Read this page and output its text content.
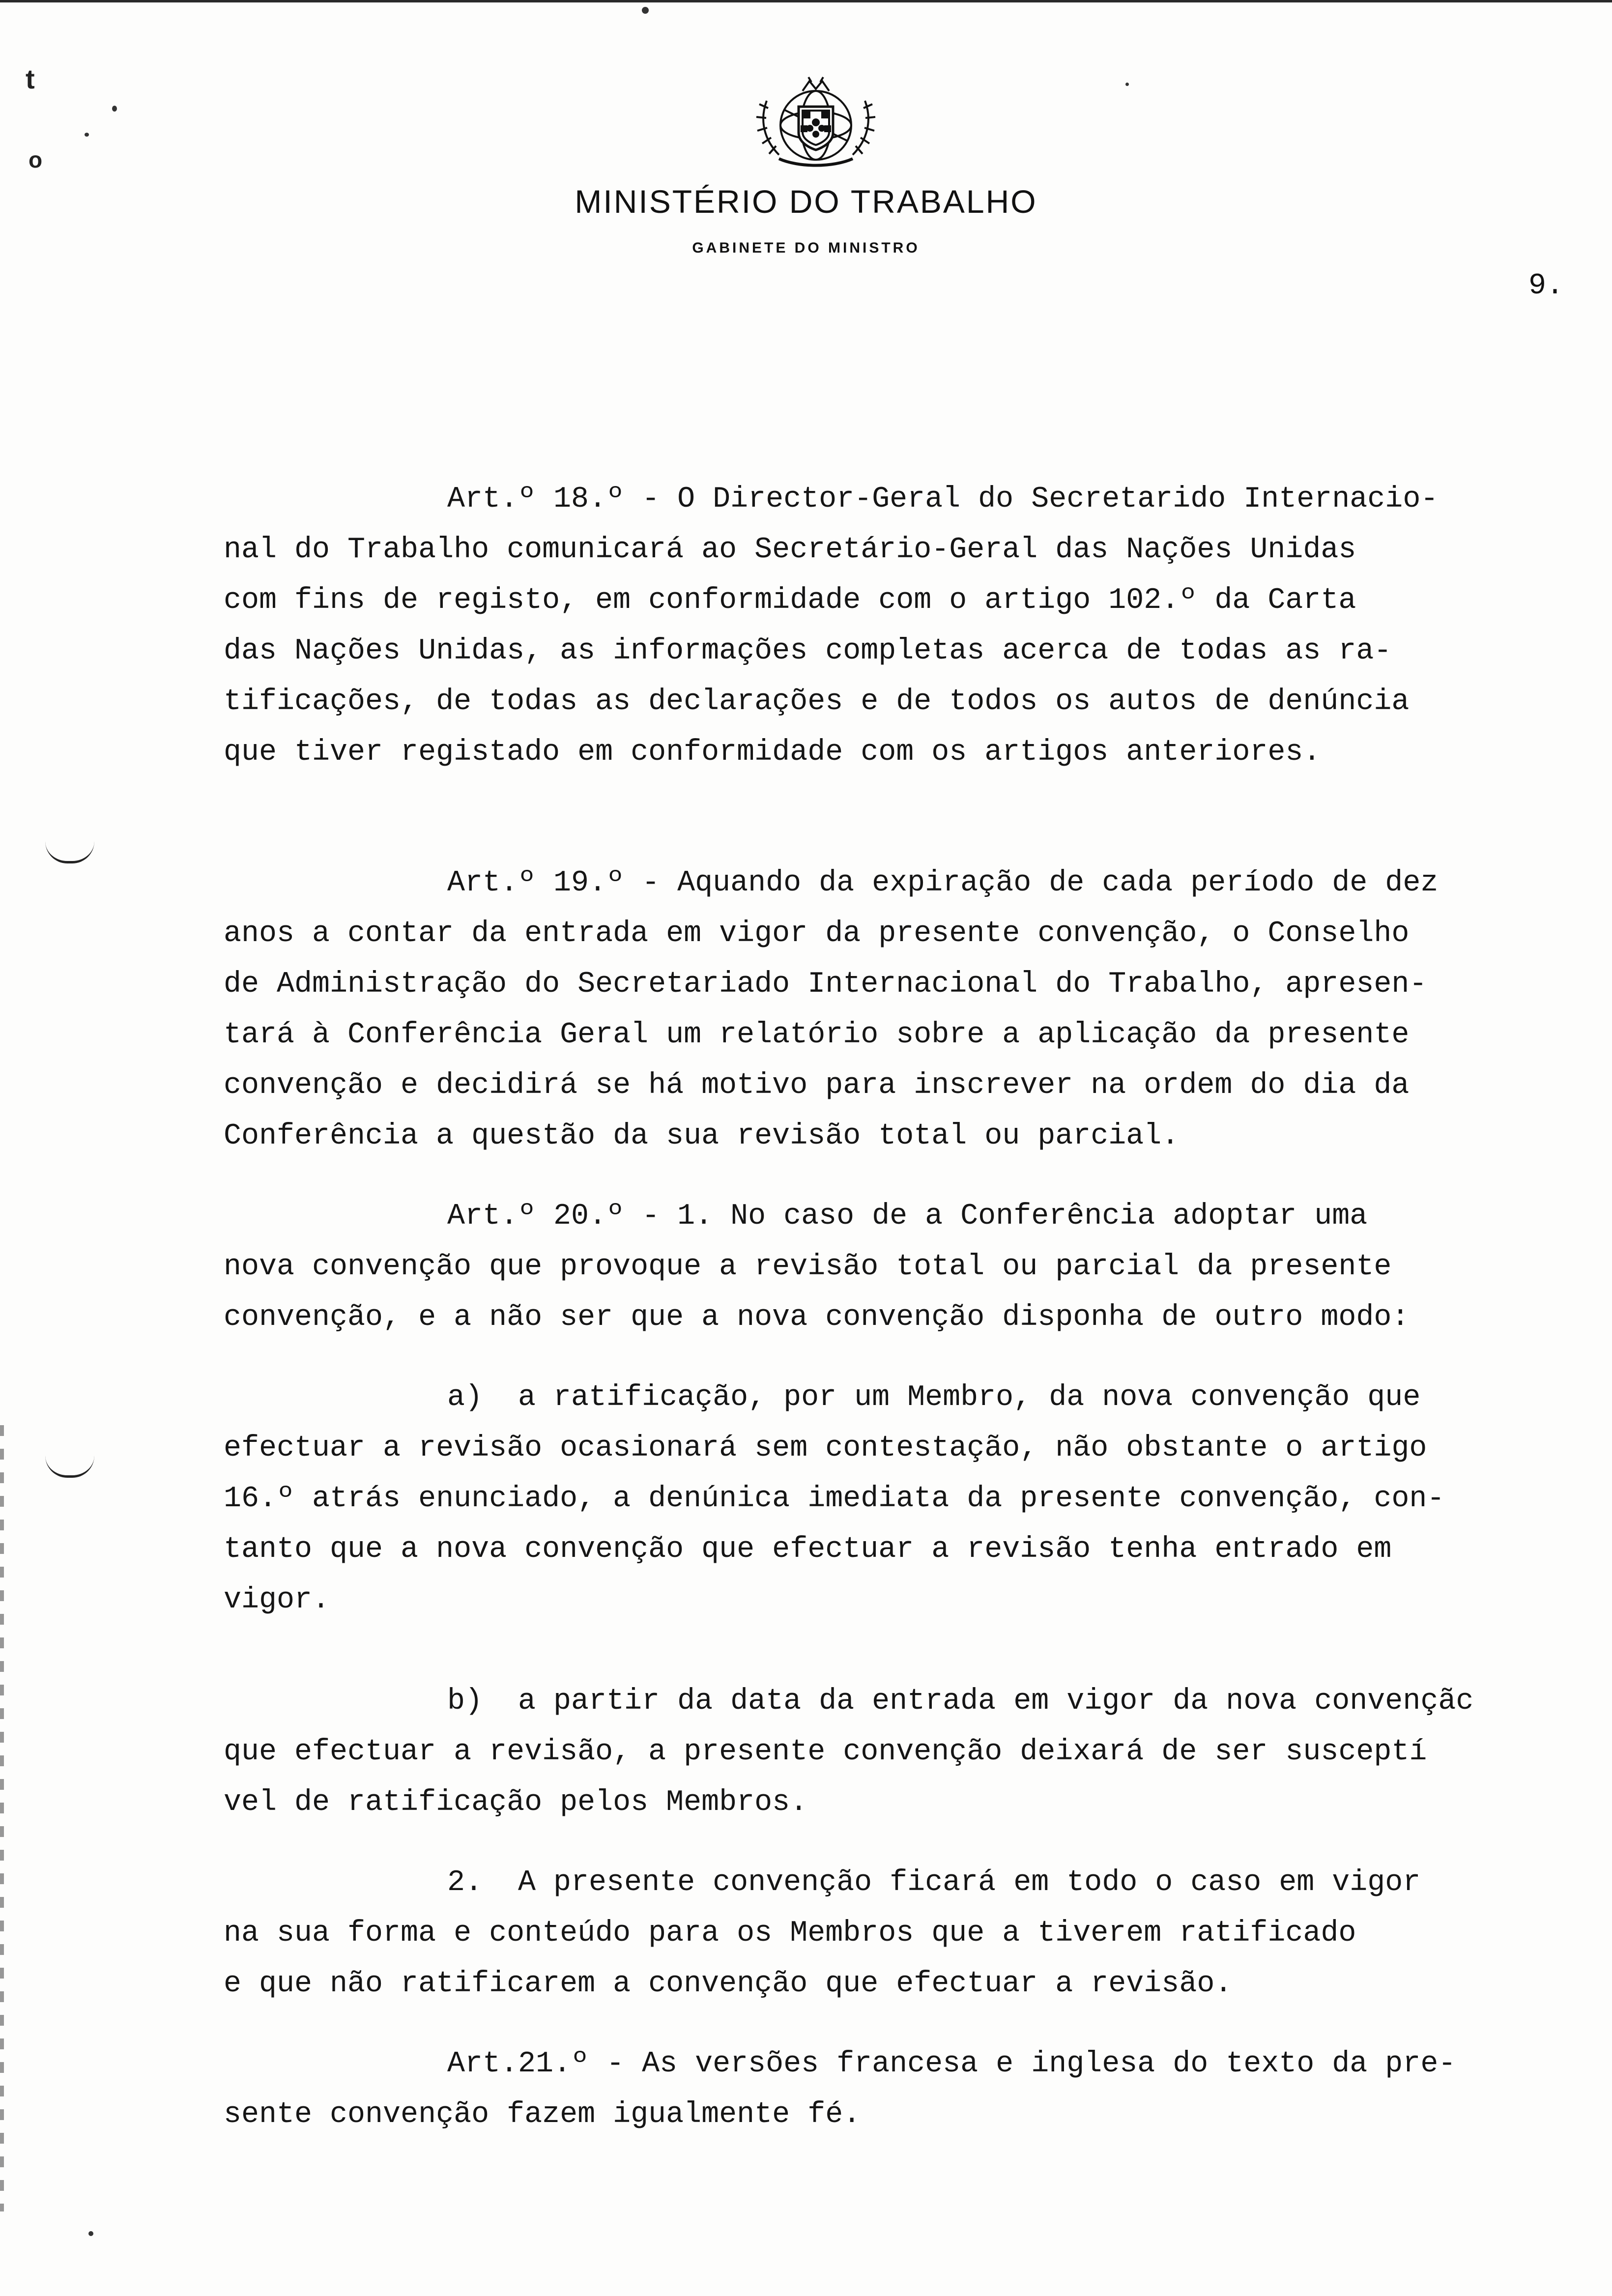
t
o
MINISTÉRIO DO TRABALHO
GABINETE DO MINISTRO
9.
Art.º 18.º - O Director-Geral do Secretarido Internacio-
nal do Trabalho comunicará ao Secretário-Geral das Nações Unidas
com fins de registo, em conformidade com o artigo 102.º da Carta
das Nações Unidas, as informações completas acerca de todas as ra-
tificações, de todas as declarações e de todos os autos de denúncia
que tiver registado em conformidade com os artigos anteriores.
Art.º 19.º - Aquando da expiração de cada período de dez
anos a contar da entrada em vigor da presente convenção, o Conselho
de Administração do Secretariado Internacional do Trabalho, apresen-
tará à Conferência Geral um relatório sobre a aplicação da presente
convenção e decidirá se há motivo para inscrever na ordem do dia da
Conferência a questão da sua revisão total ou parcial.
Art.º 20.º - 1. No caso de a Conferência adoptar uma
nova convenção que provoque a revisão total ou parcial da presente
convenção, e a não ser que a nova convenção disponha de outro modo:
a)  a ratificação, por um Membro, da nova convenção que
efectuar a revisão ocasionará sem contestação, não obstante o artigo
16.º atrás enunciado, a denúnica imediata da presente convenção, con-
tanto que a nova convenção que efectuar a revisão tenha entrado em
vigor.
b)  a partir da data da entrada em vigor da nova convençãc
que efectuar a revisão, a presente convenção deixará de ser susceptí
vel de ratificação pelos Membros.
2.  A presente convenção ficará em todo o caso em vigor
na sua forma e conteúdo para os Membros que a tiverem ratificado
e que não ratificarem a convenção que efectuar a revisão.
Art.21.º - As versões francesa e inglesa do texto da pre-
sente convenção fazem igualmente fé.
